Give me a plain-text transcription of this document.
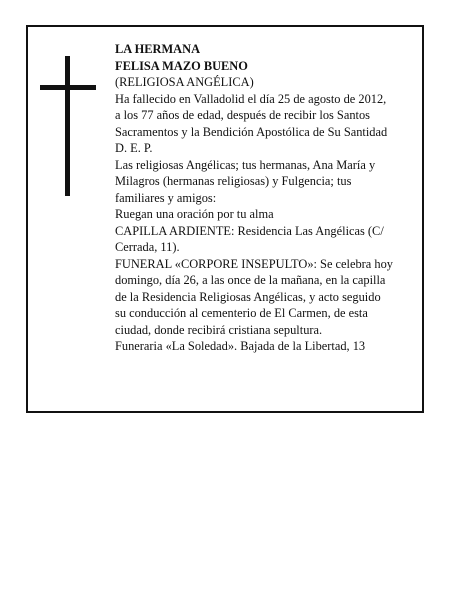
LA HERMANA
FELISA MAZO BUENO
(RELIGIOSA ANGÉLICA)
Ha fallecido en Valladolid el día 25 de agosto de 2012,
a los 77 años de edad, después de recibir los Santos
Sacramentos y la Bendición Apostólica de Su Santidad
D. E. P.
Las religiosas Angélicas; tus hermanas, Ana María y
Milagros (hermanas religiosas) y Fulgencia; tus
familiares y amigos:
Ruegan una oración por tu alma
CAPILLA ARDIENTE: Residencia Las Angélicas (C/
Cerrada, 11).
FUNERAL «CORPORE INSEPULTO»: Se celebra hoy
domingo, día 26, a las once de la mañana, en la capilla
de la Residencia Religiosas Angélicas, y acto seguido
su conducción al cementerio de El Carmen, de esta
ciudad, donde recibirá cristiana sepultura.
Funeraria «La Soledad». Bajada de la Libertad, 13
